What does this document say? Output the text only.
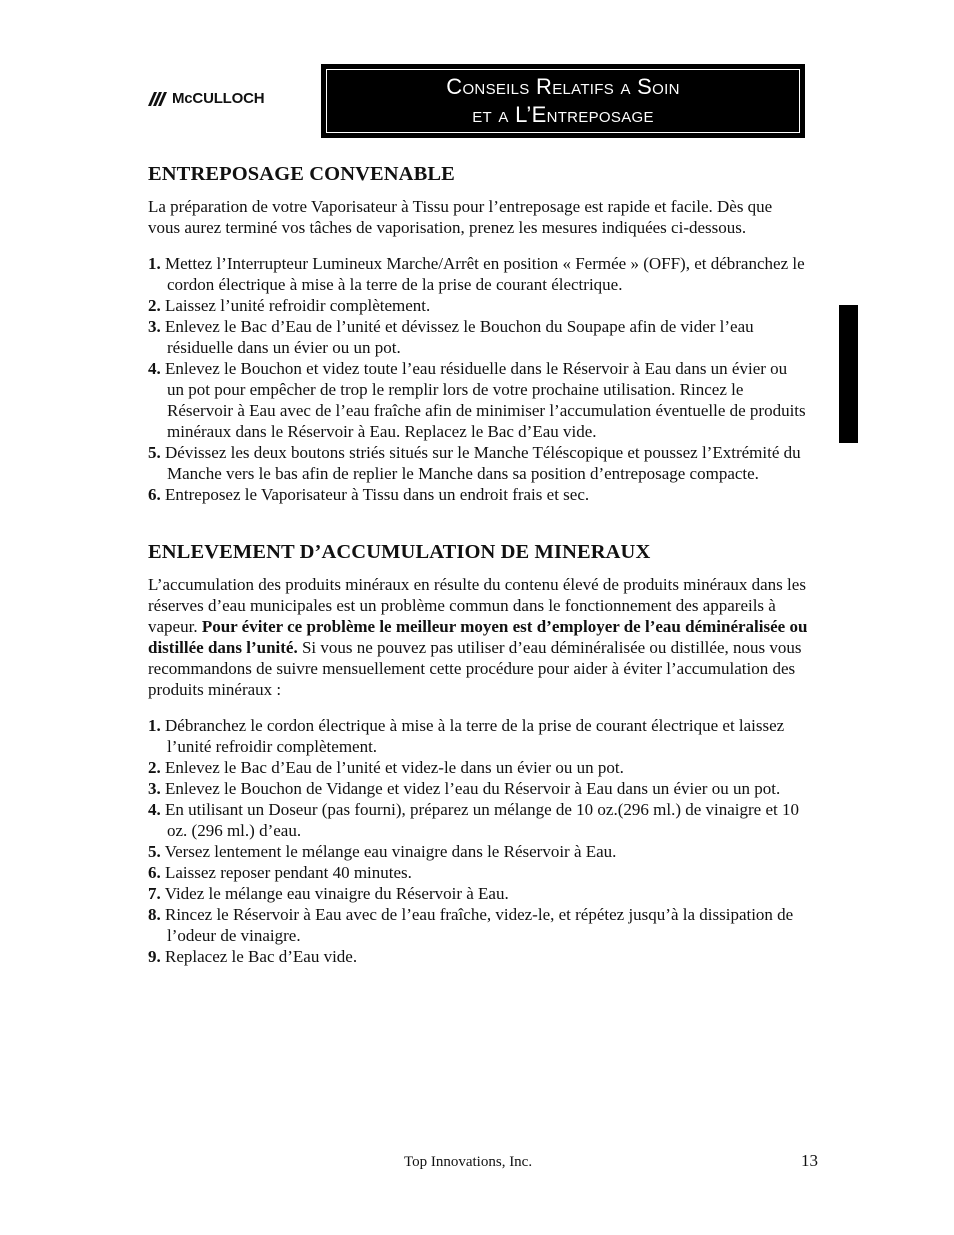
McCULLOCH	Conseils Relatifs a Soin
et a L’Entreposage
ENTREPOSAGE CONVENABLE

La préparation de votre Vaporisateur à Tissu pour l’entreposage est rapide et facile. Dès que vous aurez terminé vos tâches de vaporisation, prenez les mesures indiquées ci-dessous.

1. Mettez l’Interrupteur Lumineux Marche/Arrêt en position « Fermée » (OFF), et débranchez le cordon électrique à mise à la terre de la prise de courant électrique.
2. Laissez l’unité refroidir complètement.
3. Enlevez le Bac d’Eau de l’unité et dévissez le Bouchon du Soupape afin de vider l’eau résiduelle dans un évier ou un pot.
4. Enlevez le Bouchon et videz toute l’eau résiduelle dans le Réservoir à Eau dans un évier ou un pot pour empêcher de trop le remplir lors de votre prochaine utilisation. Rincez le Réservoir à Eau avec de l’eau fraîche afin de minimiser l’accumulation éventuelle de produits minéraux dans le Réservoir à Eau. Replacez le Bac d’Eau vide.
5. Dévissez les deux boutons striés situés sur le Manche Téléscopique et poussez l’Extrémité du Manche vers le bas afin de replier le Manche dans sa position d’entreposage compacte.
6. Entreposez le Vaporisateur à Tissu dans un endroit frais et sec.
ENLEVEMENT D’ACCUMULATION DE MINERAUX

L’accumulation des produits minéraux en résulte du contenu élevé de produits minéraux dans les réserves d’eau municipales est un problème commun dans le fonctionnement des appareils à vapeur. Pour éviter ce problème le meilleur moyen est d’employer de l’eau déminéralisée ou distillée dans l’unité. Si vous ne pouvez pas utiliser d’eau déminéralisée ou distillée, nous vous recommandons de suivre mensuellement cette procédure pour aider à éviter l’accumulation des produits minéraux :

1. Débranchez le cordon électrique à mise à la terre de la prise de courant électrique et laissez l’unité refroidir complètement.
2. Enlevez le Bac d’Eau de l’unité et videz-le dans un évier ou un pot.
3. Enlevez le Bouchon de Vidange et videz l’eau du Réservoir à Eau dans un évier ou un pot.
4. En utilisant un Doseur (pas fourni), préparez un mélange de 10 oz.(296 ml.) de vinaigre et 10 oz. (296 ml.) d’eau.
5. Versez lentement le mélange eau vinaigre dans le Réservoir à Eau.
6. Laissez reposer pendant 40 minutes.
7. Videz le mélange eau vinaigre du Réservoir à Eau.
8. Rincez le Réservoir à Eau avec de l’eau fraîche, videz-le, et répétez jusqu’à la dissipation de l’odeur de vinaigre.
9. Replacez le Bac d’Eau vide.
Top Innovations, Inc.	13
